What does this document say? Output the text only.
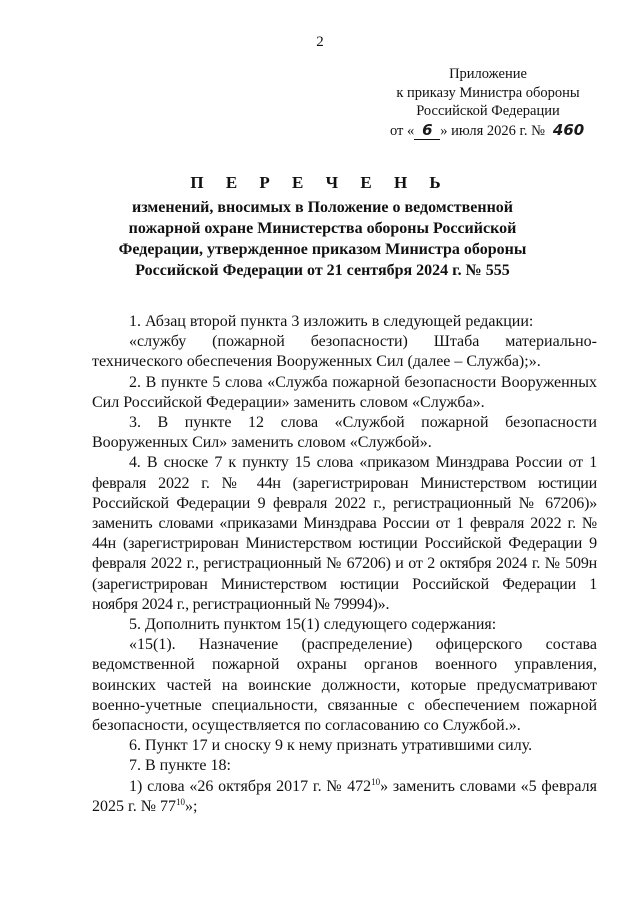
2
Приложение
к приказу Министра обороны
Российской Федерации
от « 6 » июля 2026 г. № 460
П Е Р Е Ч Е Н Ь
изменений, вносимых в Положение о ведомственной
пожарной охране Министерства обороны Российской
Федерации, утвержденное приказом Министра обороны
Российской Федерации от 21 сентября 2024 г. № 555

1. Абзац второй пункта 3 изложить в следующей редакции:

«службу (пожарной безопасности) Штаба материально-технического обеспечения Вооруженных Сил (далее – Служба);».

2. В пункте 5 слова «Служба пожарной безопасности Вооруженных Сил Российской Федерации» заменить словом «Служба».

3. В пункте 12 слова «Службой пожарной безопасности Вооруженных Сил» заменить словом «Службой».

4. В сноске 7 к пункту 15 слова «приказом Минздрава России от 1 февраля 2022 г. № 44н (зарегистрирован Министерством юстиции Российской Федерации 9 февраля 2022 г., регистрационный № 67206)» заменить словами «приказами Минздрава России от 1 февраля 2022 г. № 44н (зарегистрирован Министерством юстиции Российской Федерации 9 февраля 2022 г., регистрационный № 67206) и от 2 октября 2024 г. № 509н (зарегистрирован Министерством юстиции Российской Федерации 1 ноября 2024 г., регистрационный № 79994)».

5. Дополнить пунктом 15(1) следующего содержания:

«15(1). Назначение (распределение) офицерского состава ведомственной пожарной охраны органов военного управления, воинских частей на воинские должности, которые предусматривают военно-учетные специальности, связанные с обеспечением пожарной безопасности, осуществляется по согласованию со Службой.».

6. Пункт 17 и сноску 9 к нему признать утратившими силу.

7. В пункте 18:

1) слова «26 октября 2017 г. № $472^{10}$» заменить словами «5 февраля 2025 г. № $77^{10}$»;
